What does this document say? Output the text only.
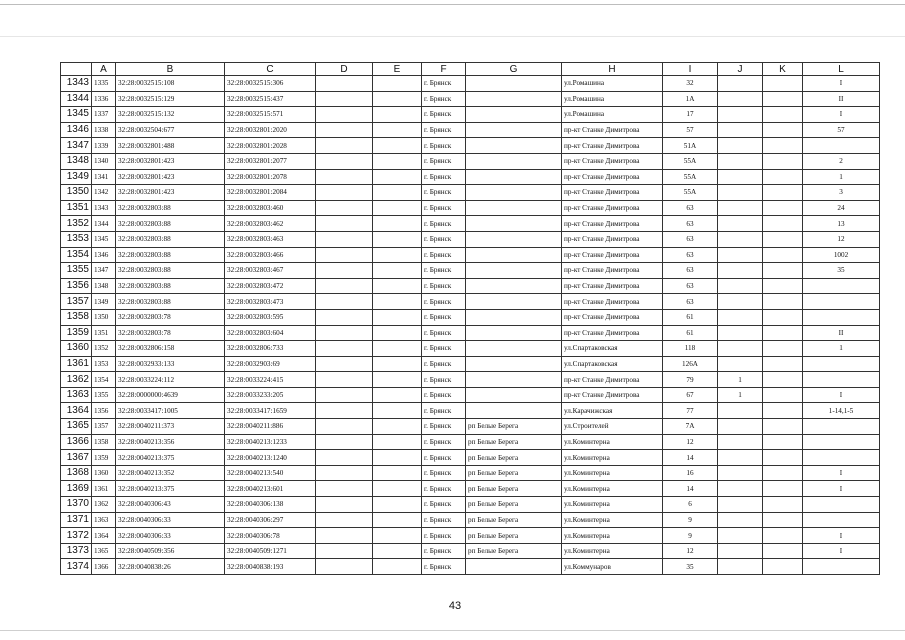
	A	B	C	D	E	F	G	H	I	J	K	L
1343	1335	32:28:0032515:108	32:28:0032515:306			г. Брянск		ул.Ромашина	32			I
1344	1336	32:28:0032515:129	32:28:0032515:437			г. Брянск		ул.Ромашина	1А			II
1345	1337	32:28:0032515:132	32:28:0032515:571			г. Брянск		ул.Ромашина	17			I
1346	1338	32:28:0032504:677	32:28:0032801:2020			г. Брянск		пр-кт Станке Димитрова	57			57
1347	1339	32:28:0032801:488	32:28:0032801:2028			г. Брянск		пр-кт Станке Димитрова	51А			
1348	1340	32:28:0032801:423	32:28:0032801:2077			г. Брянск		пр-кт Станке Димитрова	55А			2
1349	1341	32:28:0032801:423	32:28:0032801:2078			г. Брянск		пр-кт Станке Димитрова	55А			1
1350	1342	32:28:0032801:423	32:28:0032801:2084			г. Брянск		пр-кт Станке Димитрова	55А			3
1351	1343	32:28:0032803:88	32:28:0032803:460			г. Брянск		пр-кт Станке Димитрова	63			24
1352	1344	32:28:0032803:88	32:28:0032803:462			г. Брянск		пр-кт Станке Димитрова	63			13
1353	1345	32:28:0032803:88	32:28:0032803:463			г. Брянск		пр-кт Станке Димитрова	63			12
1354	1346	32:28:0032803:88	32:28:0032803:466			г. Брянск		пр-кт Станке Димитрова	63			1002
1355	1347	32:28:0032803:88	32:28:0032803:467			г. Брянск		пр-кт Станке Димитрова	63			35
1356	1348	32:28:0032803:88	32:28:0032803:472			г. Брянск		пр-кт Станке Димитрова	63			
1357	1349	32:28:0032803:88	32:28:0032803:473			г. Брянск		пр-кт Станке Димитрова	63			
1358	1350	32:28:0032803:78	32:28:0032803:595			г. Брянск		пр-кт Станке Димитрова	61			
1359	1351	32:28:0032803:78	32:28:0032803:604			г. Брянск		пр-кт Станке Димитрова	61			II
1360	1352	32:28:0032806:158	32:28:0032806:733			г. Брянск		ул.Спартаковская	118			1
1361	1353	32:28:0032933:133	32:28:0032903:69			г. Брянск		ул.Спартаковская	126А			
1362	1354	32:28:0033224:112	32:28:0033224:415			г. Брянск		пр-кт Станке Димитрова	79	1		
1363	1355	32:28:0000000:4639	32:28:0033233:205			г. Брянск		пр-кт Станке Димитрова	67	1		I
1364	1356	32:28:0033417:1005	32:28:0033417:1659			г. Брянск		ул.Карачижская	77			1-14,1-5
1365	1357	32:28:0040211:373	32:28:0040211:886			г. Брянск	рп Белые Берега	ул.Строителей	7А			
1366	1358	32:28:0040213:356	32:28:0040213:1233			г. Брянск	рп Белые Берега	ул.Коминтерна	12			
1367	1359	32:28:0040213:375	32:28:0040213:1240			г. Брянск	рп Белые Берега	ул.Коминтерна	14			
1368	1360	32:28:0040213:352	32:28:0040213:540			г. Брянск	рп Белые Берега	ул.Коминтерна	16			I
1369	1361	32:28:0040213:375	32:28:0040213:601			г. Брянск	рп Белые Берега	ул.Коминтерна	14			I
1370	1362	32:28:0040306:43	32:28:0040306:138			г. Брянск	рп Белые Берега	ул.Коминтерна	6			
1371	1363	32:28:0040306:33	32:28:0040306:297			г. Брянск	рп Белые Берега	ул.Коминтерна	9			
1372	1364	32:28:0040306:33	32:28:0040306:78			г. Брянск	рп Белые Берега	ул.Коминтерна	9			I
1373	1365	32:28:0040509:356	32:28:0040509:1271			г. Брянск	рп Белые Берега	ул.Коминтерна	12			I
1374	1366	32:28:0040838:26	32:28:0040838:193			г. Брянск		ул.Коммунаров	35			
43
